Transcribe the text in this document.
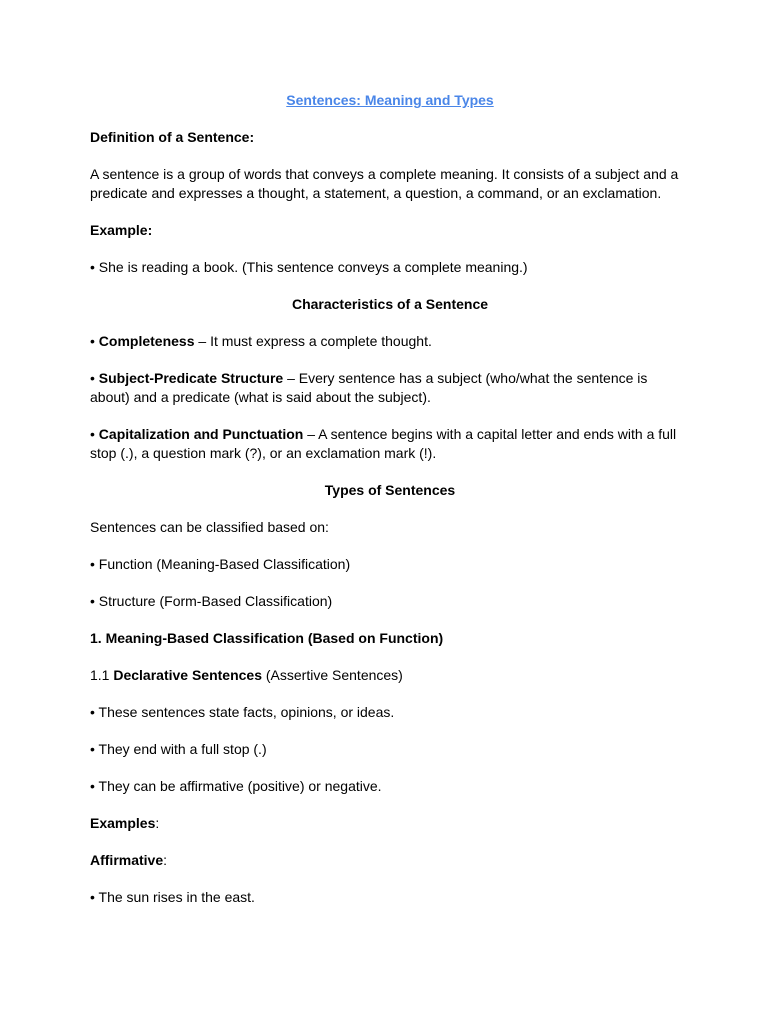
Sentences: Meaning and Types

Definition of a Sentence:

A sentence is a group of words that conveys a complete meaning. It consists of a subject and a predicate and expresses a thought, a statement, a question, a command, or an exclamation.

Example:

• She is reading a book. (This sentence conveys a complete meaning.)

Characteristics of a Sentence

• Completeness – It must express a complete thought.

• Subject-Predicate Structure – Every sentence has a subject (who/what the sentence is about) and a predicate (what is said about the subject).

• Capitalization and Punctuation – A sentence begins with a capital letter and ends with a full stop (.), a question mark (?), or an exclamation mark (!).

Types of Sentences

Sentences can be classified based on:

• Function (Meaning-Based Classification)

• Structure (Form-Based Classification)

1. Meaning-Based Classification (Based on Function)

1.1 Declarative Sentences (Assertive Sentences)

• These sentences state facts, opinions, or ideas.

• They end with a full stop (.)

• They can be affirmative (positive) or negative.

Examples:

Affirmative:

• The sun rises in the east.
